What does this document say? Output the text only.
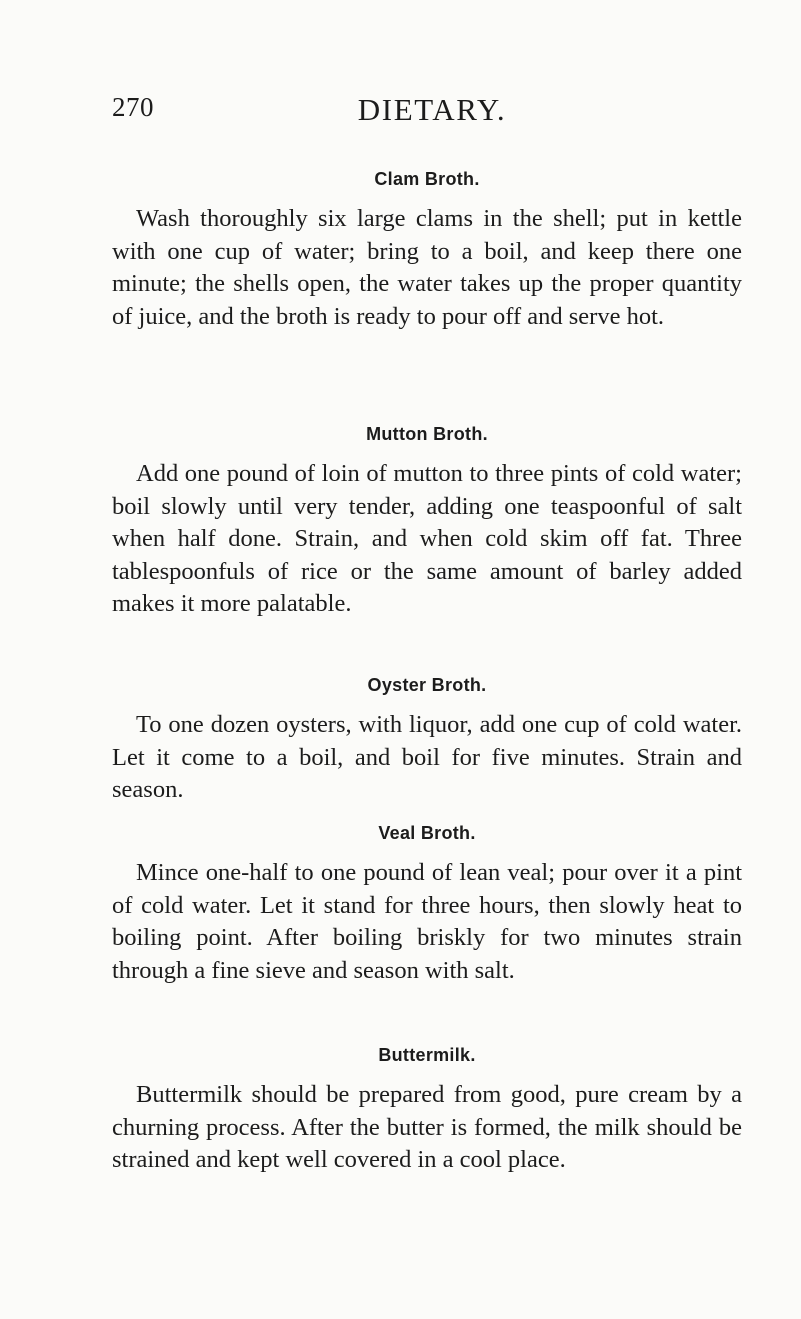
270	DIETARY.
Clam Broth.

Wash thoroughly six large clams in the shell; put in kettle with one cup of water; bring to a boil, and keep there one minute; the shells open, the water takes up the proper quantity of juice, and the broth is ready to pour off and serve hot.

Mutton Broth.

Add one pound of loin of mutton to three pints of cold water; boil slowly until very tender, adding one teaspoonful of salt when half done. Strain, and when cold skim off fat. Three tablespoonfuls of rice or the same amount of barley added makes it more palatable.

Oyster Broth.

To one dozen oysters, with liquor, add one cup of cold water. Let it come to a boil, and boil for five minutes. Strain and season.

Veal Broth.

Mince one-half to one pound of lean veal; pour over it a pint of cold water. Let it stand for three hours, then slowly heat to boiling point. After boiling briskly for two minutes strain through a fine sieve and season with salt.

Buttermilk.

Buttermilk should be prepared from good, pure cream by a churning process. After the butter is formed, the milk should be strained and kept well covered in a cool place.
